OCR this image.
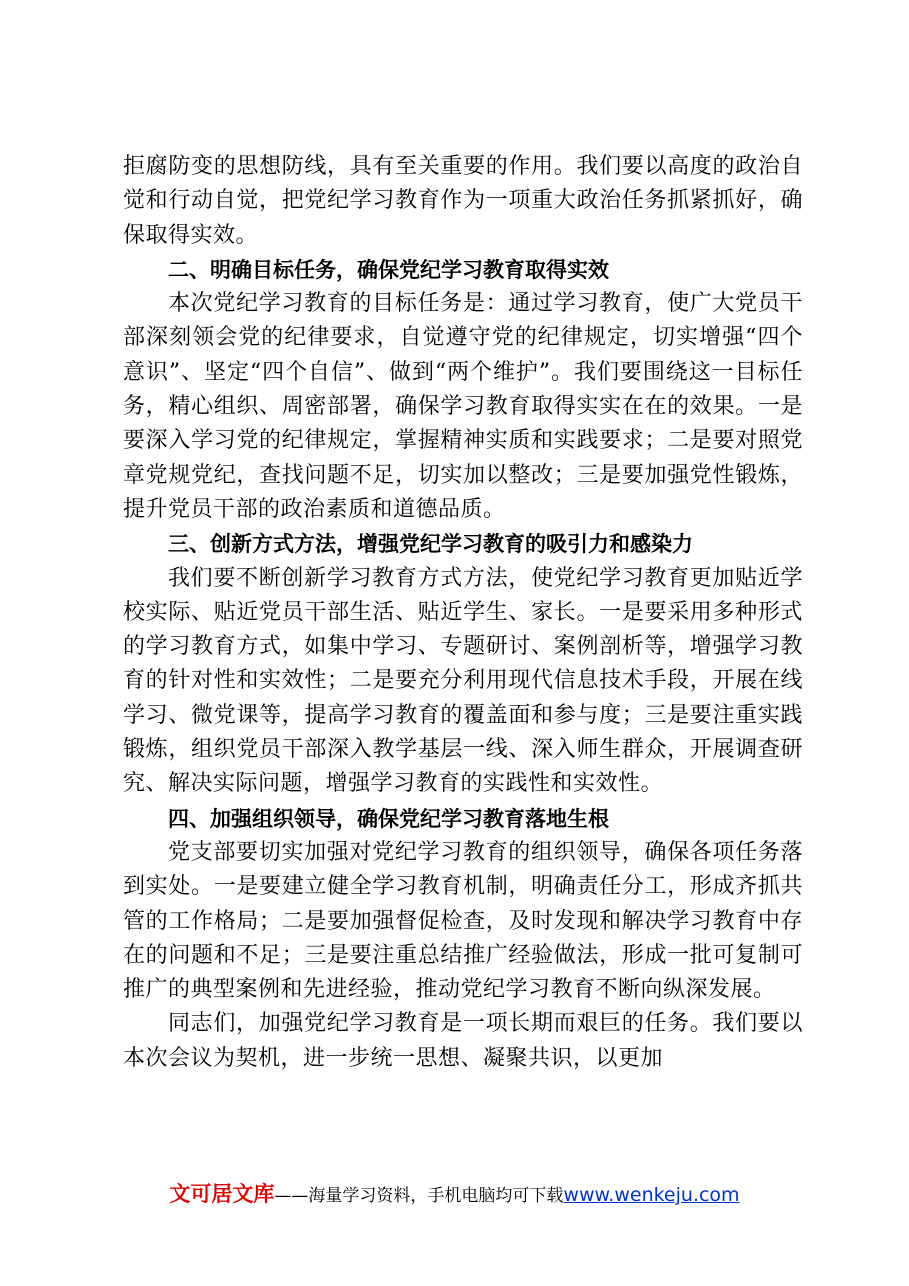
拒腐防变的思想防线，具有至关重要的作用。我们要以高度的政治自觉和行动自觉，把党纪学习教育作为一项重大政治任务抓紧抓好，确保取得实效。

二、明确目标任务，确保党纪学习教育取得实效

本次党纪学习教育的目标任务是：通过学习教育，使广大党员干部深刻领会党的纪律要求，自觉遵守党的纪律规定，切实增强“四个意识”、坚定“四个自信”、做到“两个维护”。我们要围绕这一目标任务，精心组织、周密部署，确保学习教育取得实实在在的效果。一是要深入学习党的纪律规定，掌握精神实质和实践要求；二是要对照党章党规党纪，查找问题不足，切实加以整改；三是要加强党性锻炼，提升党员干部的政治素质和道德品质。

三、创新方式方法，增强党纪学习教育的吸引力和感染力

我们要不断创新学习教育方式方法，使党纪学习教育更加贴近学校实际、贴近党员干部生活、贴近学生、家长。一是要采用多种形式的学习教育方式，如集中学习、专题研讨、案例剖析等，增强学习教育的针对性和实效性；二是要充分利用现代信息技术手段，开展在线学习、微党课等，提高学习教育的覆盖面和参与度；三是要注重实践锻炼，组织党员干部深入教学基层一线、深入师生群众，开展调查研究、解决实际问题，增强学习教育的实践性和实效性。

四、加强组织领导，确保党纪学习教育落地生根

党支部要切实加强对党纪学习教育的组织领导，确保各项任务落到实处。一是要建立健全学习教育机制，明确责任分工，形成齐抓共管的工作格局；二是要加强督促检查，及时发现和解决学习教育中存在的问题和不足；三是要注重总结推广经验做法，形成一批可复制可推广的典型案例和先进经验，推动党纪学习教育不断向纵深发展。

同志们，加强党纪学习教育是一项长期而艰巨的任务。我们要以本次会议为契机，进一步统一思想、凝聚共识，以更加

文可居文库——海量学习资料，手机电脑均可下载www.wenkeju.com
